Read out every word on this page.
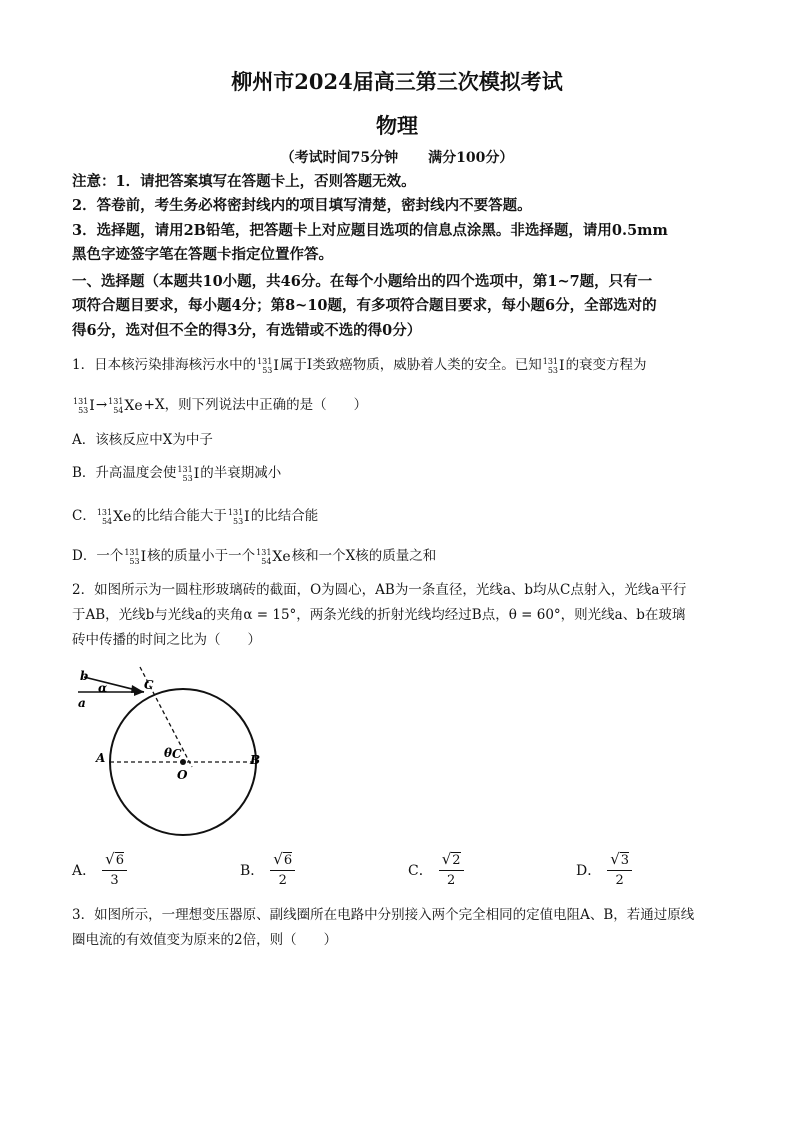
柳州市2024届高三第三次模拟考试
物理
（考试时间75分钟 满分100分）
注意：1．请把答案填写在答题卡上，否则答题无效。
2．答卷前，考生务必将密封线内的项目填写清楚，密封线内不要答题。
3．选择题，请用2B铅笔，把答题卡上对应题目选项的信息点涂黑。非选择题，请用0.5mm
黑色字迹签字笔在答题卡指定位置作答。
一、选择题（本题共10小题，共46分。在每个小题给出的四个选项中，第1~7题，只有一
项符合题目要求，每小题4分；第8~10题，有多项符合题目要求，每小题6分，全部选对的
得6分，选对但不全的得3分，有选错或不选的得0分）
1．日本核污染排海核污水中的 131
53 I属于Ⅰ类致癌物质，威胁着人类的安全。已知 131
53 I的衰变方程为
131
53 I→ 131
54 Xe+X，则下列说法中正确的是（　　）
A．该核反应中X为中子
B．升高温度会使 131
53 I的半衰期减小
C． 131
54 Xe的比结合能大于 131
53 I的比结合能
D．一个 131
53 I核的质量小于一个 131
54 Xe核和一个X核的质量之和
2．如图所示为一圆柱形玻璃砖的截面，O为圆心，AB为一条直径，光线a、b均从C点射入，光线a平行
于AB，光线b与光线a的夹角α = 15°，两条光线的折射光线均经过B点，θ = 60°，则光线a、b在玻璃
砖中传播的时间之比为（　　）
b
a
α	C
A	B
O
θ C
A． $\frac{√ 6}{3}$	B． $\frac{√ 6}{2}$	C． $\frac{√ 2}{2}$	D． $\frac{√ 3}{2}$
3．如图所示，一理想变压器原、副线圈所在电路中分别接入两个完全相同的定值电阻A、B，若通过原线
圈电流的有效值变为原来的2倍，则（　　）
